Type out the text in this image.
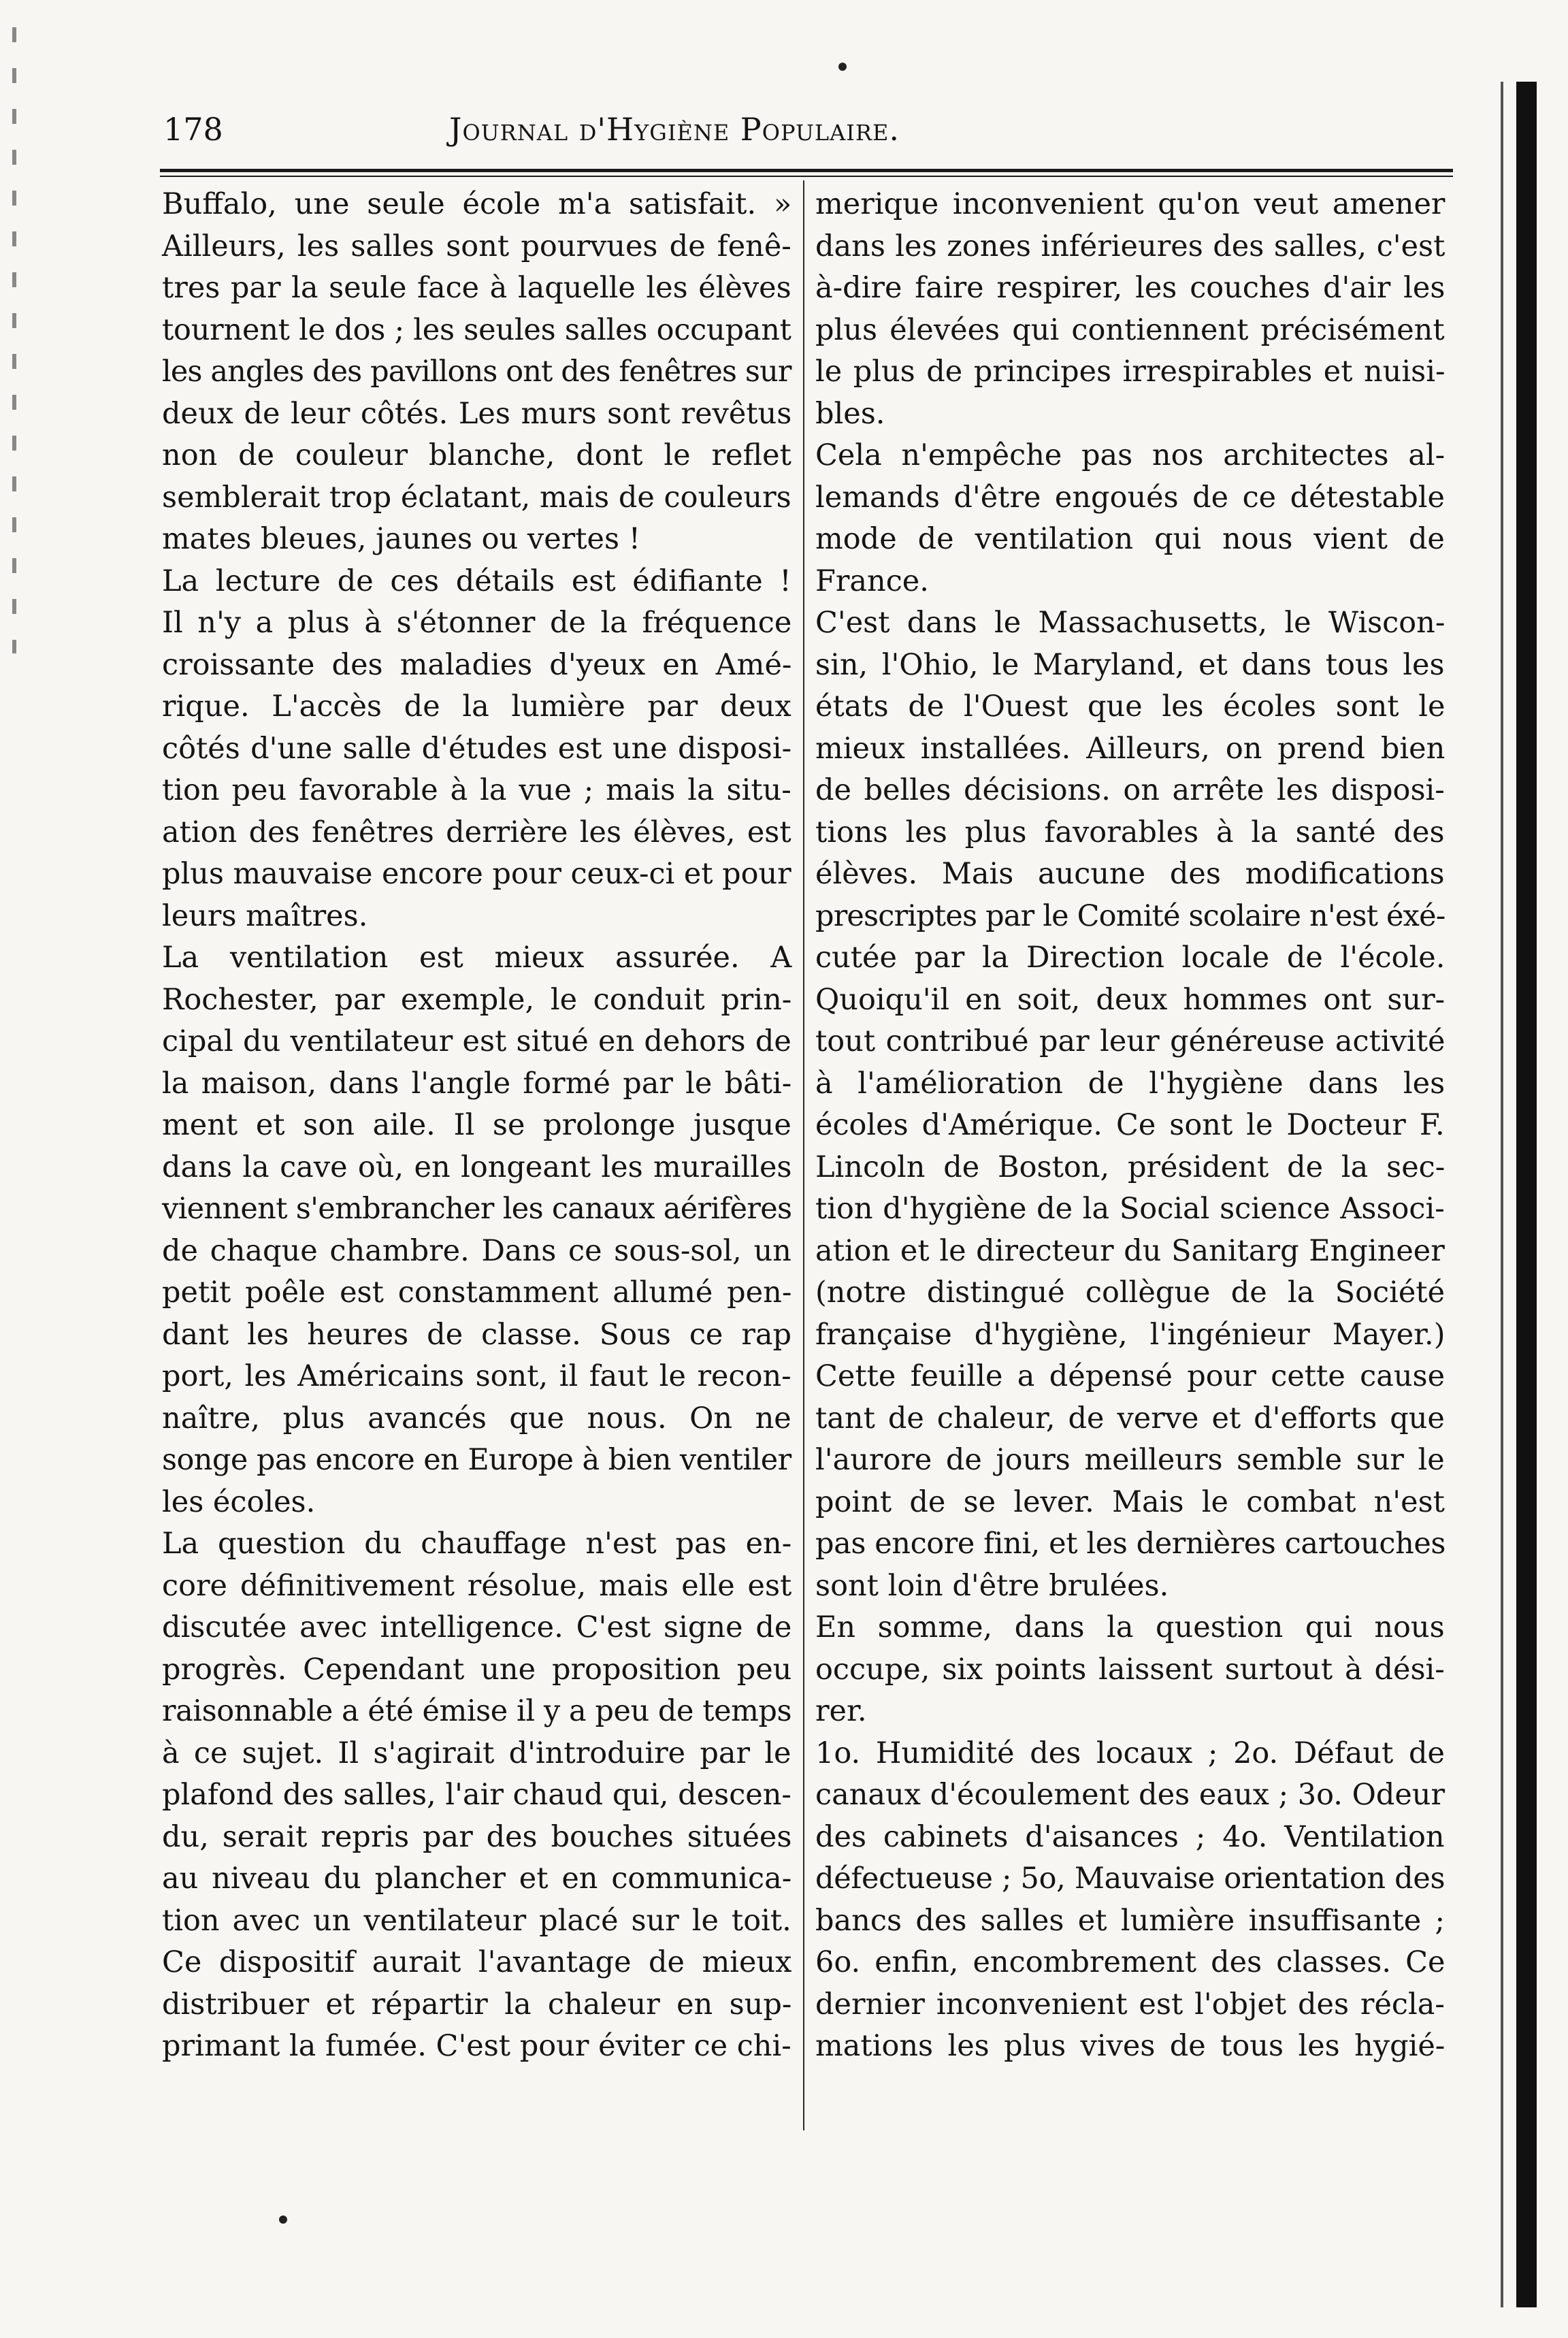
178	Journal d'Hygiène Populaire.
Buffalo, une seule école m'a satisfait. »
Ailleurs, les salles sont pourvues de fenê-
tres par la seule face à laquelle les élèves
tournent le dos ; les seules salles occupant
les angles des pavillons ont des fenêtres sur
deux de leur côtés. Les murs sont revêtus
non de couleur blanche, dont le reflet
semblerait trop éclatant, mais de couleurs
mates bleues, jaunes ou vertes !
La lecture de ces détails est édifiante !
Il n'y a plus à s'étonner de la fréquence
croissante des maladies d'yeux en Amé-
rique. L'accès de la lumière par deux
côtés d'une salle d'études est une disposi-
tion peu favorable à la vue ; mais la situ-
ation des fenêtres derrière les élèves, est
plus mauvaise encore pour ceux-ci et pour
leurs maîtres.
La ventilation est mieux assurée. A
Rochester, par exemple, le conduit prin-
cipal du ventilateur est situé en dehors de
la maison, dans l'angle formé par le bâti-
ment et son aile. Il se prolonge jusque
dans la cave où, en longeant les murailles
viennent s'embrancher les canaux aérifères
de chaque chambre. Dans ce sous-sol, un
petit poêle est constamment allumé pen-
dant les heures de classe. Sous ce rap
port, les Américains sont, il faut le recon-
naître, plus avancés que nous. On ne
songe pas encore en Europe à bien ventiler
les écoles.
La question du chauffage n'est pas en-
core définitivement résolue, mais elle est
discutée avec intelligence. C'est signe de
progrès. Cependant une proposition peu
raisonnable a été émise il y a peu de temps
à ce sujet. Il s'agirait d'introduire par le
plafond des salles, l'air chaud qui, descen-
du, serait repris par des bouches situées
au niveau du plancher et en communica-
tion avec un ventilateur placé sur le toit.
Ce dispositif aurait l'avantage de mieux
distribuer et répartir la chaleur en sup-
primant la fumée. C'est pour éviter ce chi-
merique inconvenient qu'on veut amener
dans les zones inférieures des salles, c'est
à-dire faire respirer, les couches d'air les
plus élevées qui contiennent précisément
le plus de principes irrespirables et nuisi-
bles.
Cela n'empêche pas nos architectes al-
lemands d'être engoués de ce détestable
mode de ventilation qui nous vient de
France.
C'est dans le Massachusetts, le Wiscon-
sin, l'Ohio, le Maryland, et dans tous les
états de l'Ouest que les écoles sont le
mieux installées. Ailleurs, on prend bien
de belles décisions. on arrête les disposi-
tions les plus favorables à la santé des
élèves. Mais aucune des modifications
prescriptes par le Comité scolaire n'est éxé-
cutée par la Direction locale de l'école.
Quoiqu'il en soit, deux hommes ont sur-
tout contribué par leur généreuse activité
à l'amélioration de l'hygiène dans les
écoles d'Amérique. Ce sont le Docteur F.
Lincoln de Boston, président de la sec-
tion d'hygiène de la Social science Associ-
ation et le directeur du Sanitarg Engineer
(notre distingué collègue de la Société
française d'hygiène, l'ingénieur Mayer.)
Cette feuille a dépensé pour cette cause
tant de chaleur, de verve et d'efforts que
l'aurore de jours meilleurs semble sur le
point de se lever. Mais le combat n'est
pas encore fini, et les dernières cartouches
sont loin d'être brulées.
En somme, dans la question qui nous
occupe, six points laissent surtout à dési-
rer.
1o. Humidité des locaux ; 2o. Défaut de
canaux d'écoulement des eaux ; 3o. Odeur
des cabinets d'aisances ; 4o. Ventilation
défectueuse ; 5o, Mauvaise orientation des
bancs des salles et lumière insuffisante ;
6o. enfin, encombrement des classes. Ce
dernier inconvenient est l'objet des récla-
mations les plus vives de tous les hygié-
